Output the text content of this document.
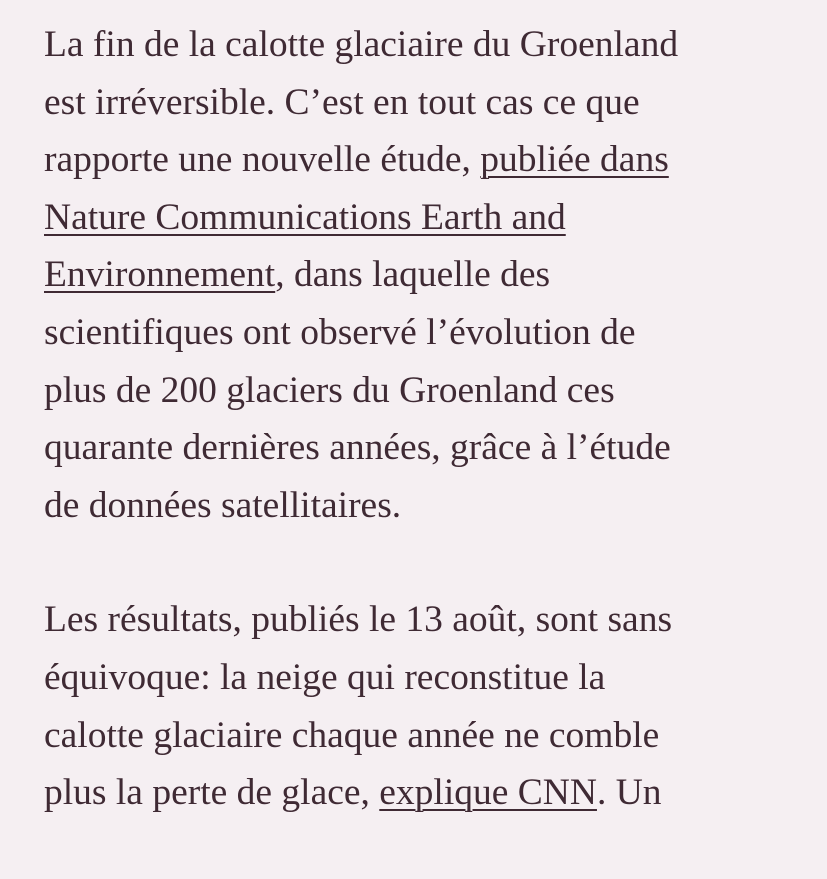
La fin de la calotte glaciaire du Groenland
est irréversible. C’est en tout cas ce que
rapporte une nouvelle étude, publiée dans
Nature Communications Earth and
Environnement, dans laquelle des
scientifiques ont observé l’évolution de
plus de 200 glaciers du Groenland ces
quarante dernières années, grâce à l’étude
de données satellitaires.

Les résultats, publiés le 13 août, sont sans
équivoque: la neige qui reconstitue la
calotte glaciaire chaque année ne comble
plus la perte de glace, explique CNN. Un
